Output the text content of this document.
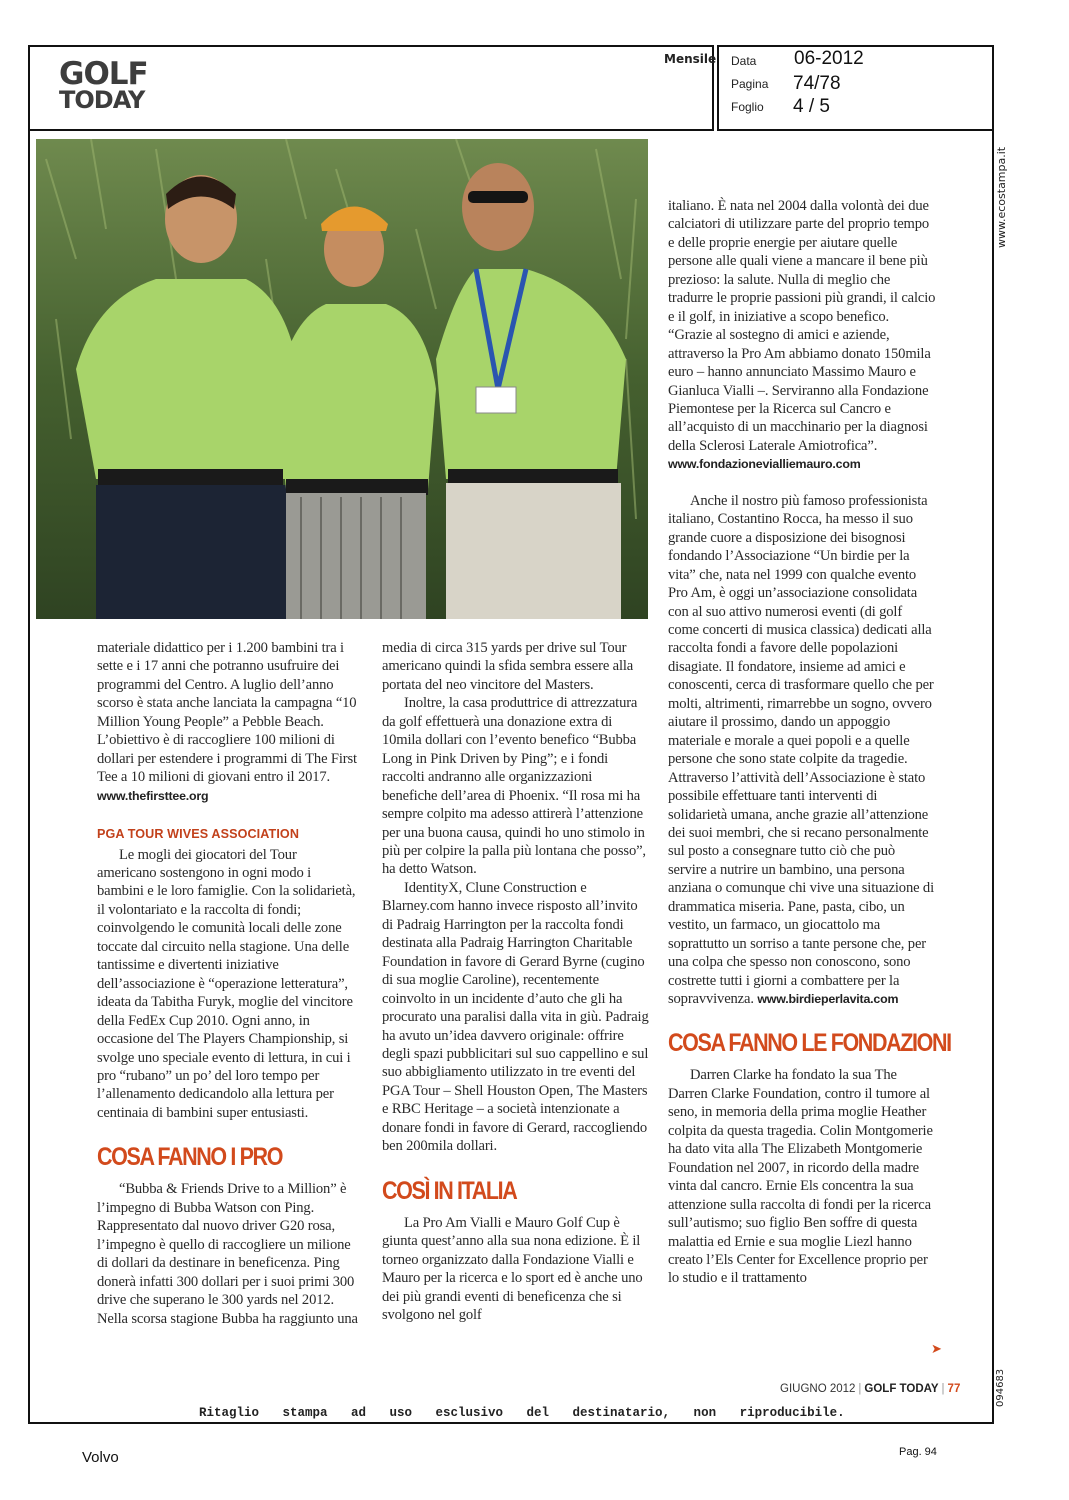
GOLF
TODAY
Mensile Data	06-2012
Pagina	74/78
Foglio	4 / 5
www.ecostampa.it
094683

materiale didattico per i 1.200 bambini tra i sette e i 17 anni che potranno usufruire dei programmi del Centro. A luglio dell’anno scorso è stata anche lanciata la campagna “10 Million Young People” a Pebble Beach. L’obiettivo è di raccogliere 100 milioni di dollari per estendere i programmi di The First Tee a 10 milioni di giovani entro il 2017. www.thefirsttee.org

PGA TOUR WIVES ASSOCIATION

Le mogli dei giocatori del Tour americano sostengono in ogni modo i bambini e le loro famiglie. Con la solidarietà, il volontariato e la raccolta di fondi; coinvolgendo le comunità locali delle zone toccate dal circuito nella stagione. Una delle tantissime e divertenti iniziative dell’associazione è “operazione letteratura”, ideata da Tabitha Furyk, moglie del vincitore della FedEx Cup 2010. Ogni anno, in occasione del The Players Championship, si svolge uno speciale evento di lettura, in cui i pro “rubano” un po’ del loro tempo per l’allenamento dedicandolo alla lettura per centinaia di bambini super entusiasti.

COSA FANNO I PRO

“Bubba & Friends Drive to a Million” è l’impegno di Bubba Watson con Ping. Rappresentato dal nuovo driver G20 rosa, l’impegno è quello di raccogliere un milione di dollari da destinare in beneficenza. Ping donerà infatti 300 dollari per i suoi primi 300 drive che superano le 300 yards nel 2012. Nella scorsa stagione Bubba ha raggiunto una

media di circa 315 yards per drive sul Tour americano quindi la sfida sembra essere alla portata del neo vincitore del Masters.

Inoltre, la casa produttrice di attrezzatura da golf effettuerà una donazione extra di 10mila dollari con l’evento benefico “Bubba Long in Pink Driven by Ping”; e i fondi raccolti andranno alle organizzazioni benefiche dell’area di Phoenix. “Il rosa mi ha sempre colpito ma adesso attirerà l’attenzione per una buona causa, quindi ho uno stimolo in più per colpire la palla più lontana che posso”, ha detto Watson.

IdentityX, Clune Construction e Blarney.com hanno invece risposto all’invito di Padraig Harrington per la raccolta fondi destinata alla Padraig Harrington Charitable Foundation in favore di Gerard Byrne (cugino di sua moglie Caroline), recentemente coinvolto in un incidente d’auto che gli ha procurato una paralisi dalla vita in giù. Padraig ha avuto un’idea davvero originale: offrire degli spazi pubblicitari sul suo cappellino e sul suo abbigliamento utilizzato in tre eventi del PGA Tour – Shell Houston Open, The Masters e RBC Heritage – a società intenzionate a donare fondi in favore di Gerard, raccogliendo ben 200mila dollari.

COSÌ IN ITALIA

La Pro Am Vialli e Mauro Golf Cup è giunta quest’anno alla sua nona edizione. È il torneo organizzato dalla Fondazione Vialli e Mauro per la ricerca e lo sport ed è anche uno dei più grandi eventi di beneficenza che si svolgono nel golf

italiano. È nata nel 2004 dalla volontà dei due calciatori di utilizzare parte del proprio tempo e delle proprie energie per aiutare quelle persone alle quali viene a mancare il bene più prezioso: la salute. Nulla di meglio che tradurre le proprie passioni più grandi, il calcio e il golf, in iniziative a scopo benefico. “Grazie al sostegno di amici e aziende, attraverso la Pro Am abbiamo donato 150mila euro – hanno annunciato Massimo Mauro e Gianluca Vialli –. Serviranno alla Fondazione Piemontese per la Ricerca sul Cancro e all’acquisto di un macchinario per la diagnosi della Sclerosi Laterale Amiotrofica”.
www.fondazionevialliemauro.com

Anche il nostro più famoso professionista italiano, Costantino Rocca, ha messo il suo grande cuore a disposizione dei bisognosi fondando l’Associazione “Un birdie per la vita” che, nata nel 1999 con qualche evento Pro Am, è oggi un’associazione consolidata con al suo attivo numerosi eventi (di golf come concerti di musica classica) dedicati alla raccolta fondi a favore delle popolazioni disagiate. Il fondatore, insieme ad amici e conoscenti, cerca di trasformare quello che per molti, altrimenti, rimarrebbe un sogno, ovvero aiutare il prossimo, dando un appoggio materiale e morale a quei popoli e a quelle persone che sono state colpite da tragedie. Attraverso l’attività dell’Associazione è stato possibile effettuare tanti interventi di solidarietà umana, anche grazie all’attenzione dei suoi membri, che si recano personalmente sul posto a consegnare tutto ciò che può servire a nutrire un bambino, una persona anziana o comunque chi vive una situazione di drammatica miseria. Pane, pasta, cibo, un vestito, un farmaco, un giocattolo ma soprattutto un sorriso a tante persone che, per una colpa che spesso non conoscono, sono costrette tutti i giorni a combattere per la sopravvivenza. www.birdieperlavita.com

COSA FANNO LE FONDAZIONI

Darren Clarke ha fondato la sua The Darren Clarke Foundation, contro il tumore al seno, in memoria della prima moglie Heather colpita da questa tragedia. Colin Montgomerie ha dato vita alla The Elizabeth Montgomerie Foundation nel 2007, in ricordo della madre vinta dal cancro. Ernie Els concentra la sua attenzione sulla raccolta di fondi per la ricerca sull’autismo; suo figlio Ben soffre di questa malattia ed Ernie e sua moglie Liezl hanno creato l’Els Center for Excellence proprio per lo studio e il trattamento

➤
GIUGNO 2012 | GOLF TODAY | 77
Ritaglio stampa ad uso esclusivo del destinatario, non riproducibile.
Volvo	Pag. 94
